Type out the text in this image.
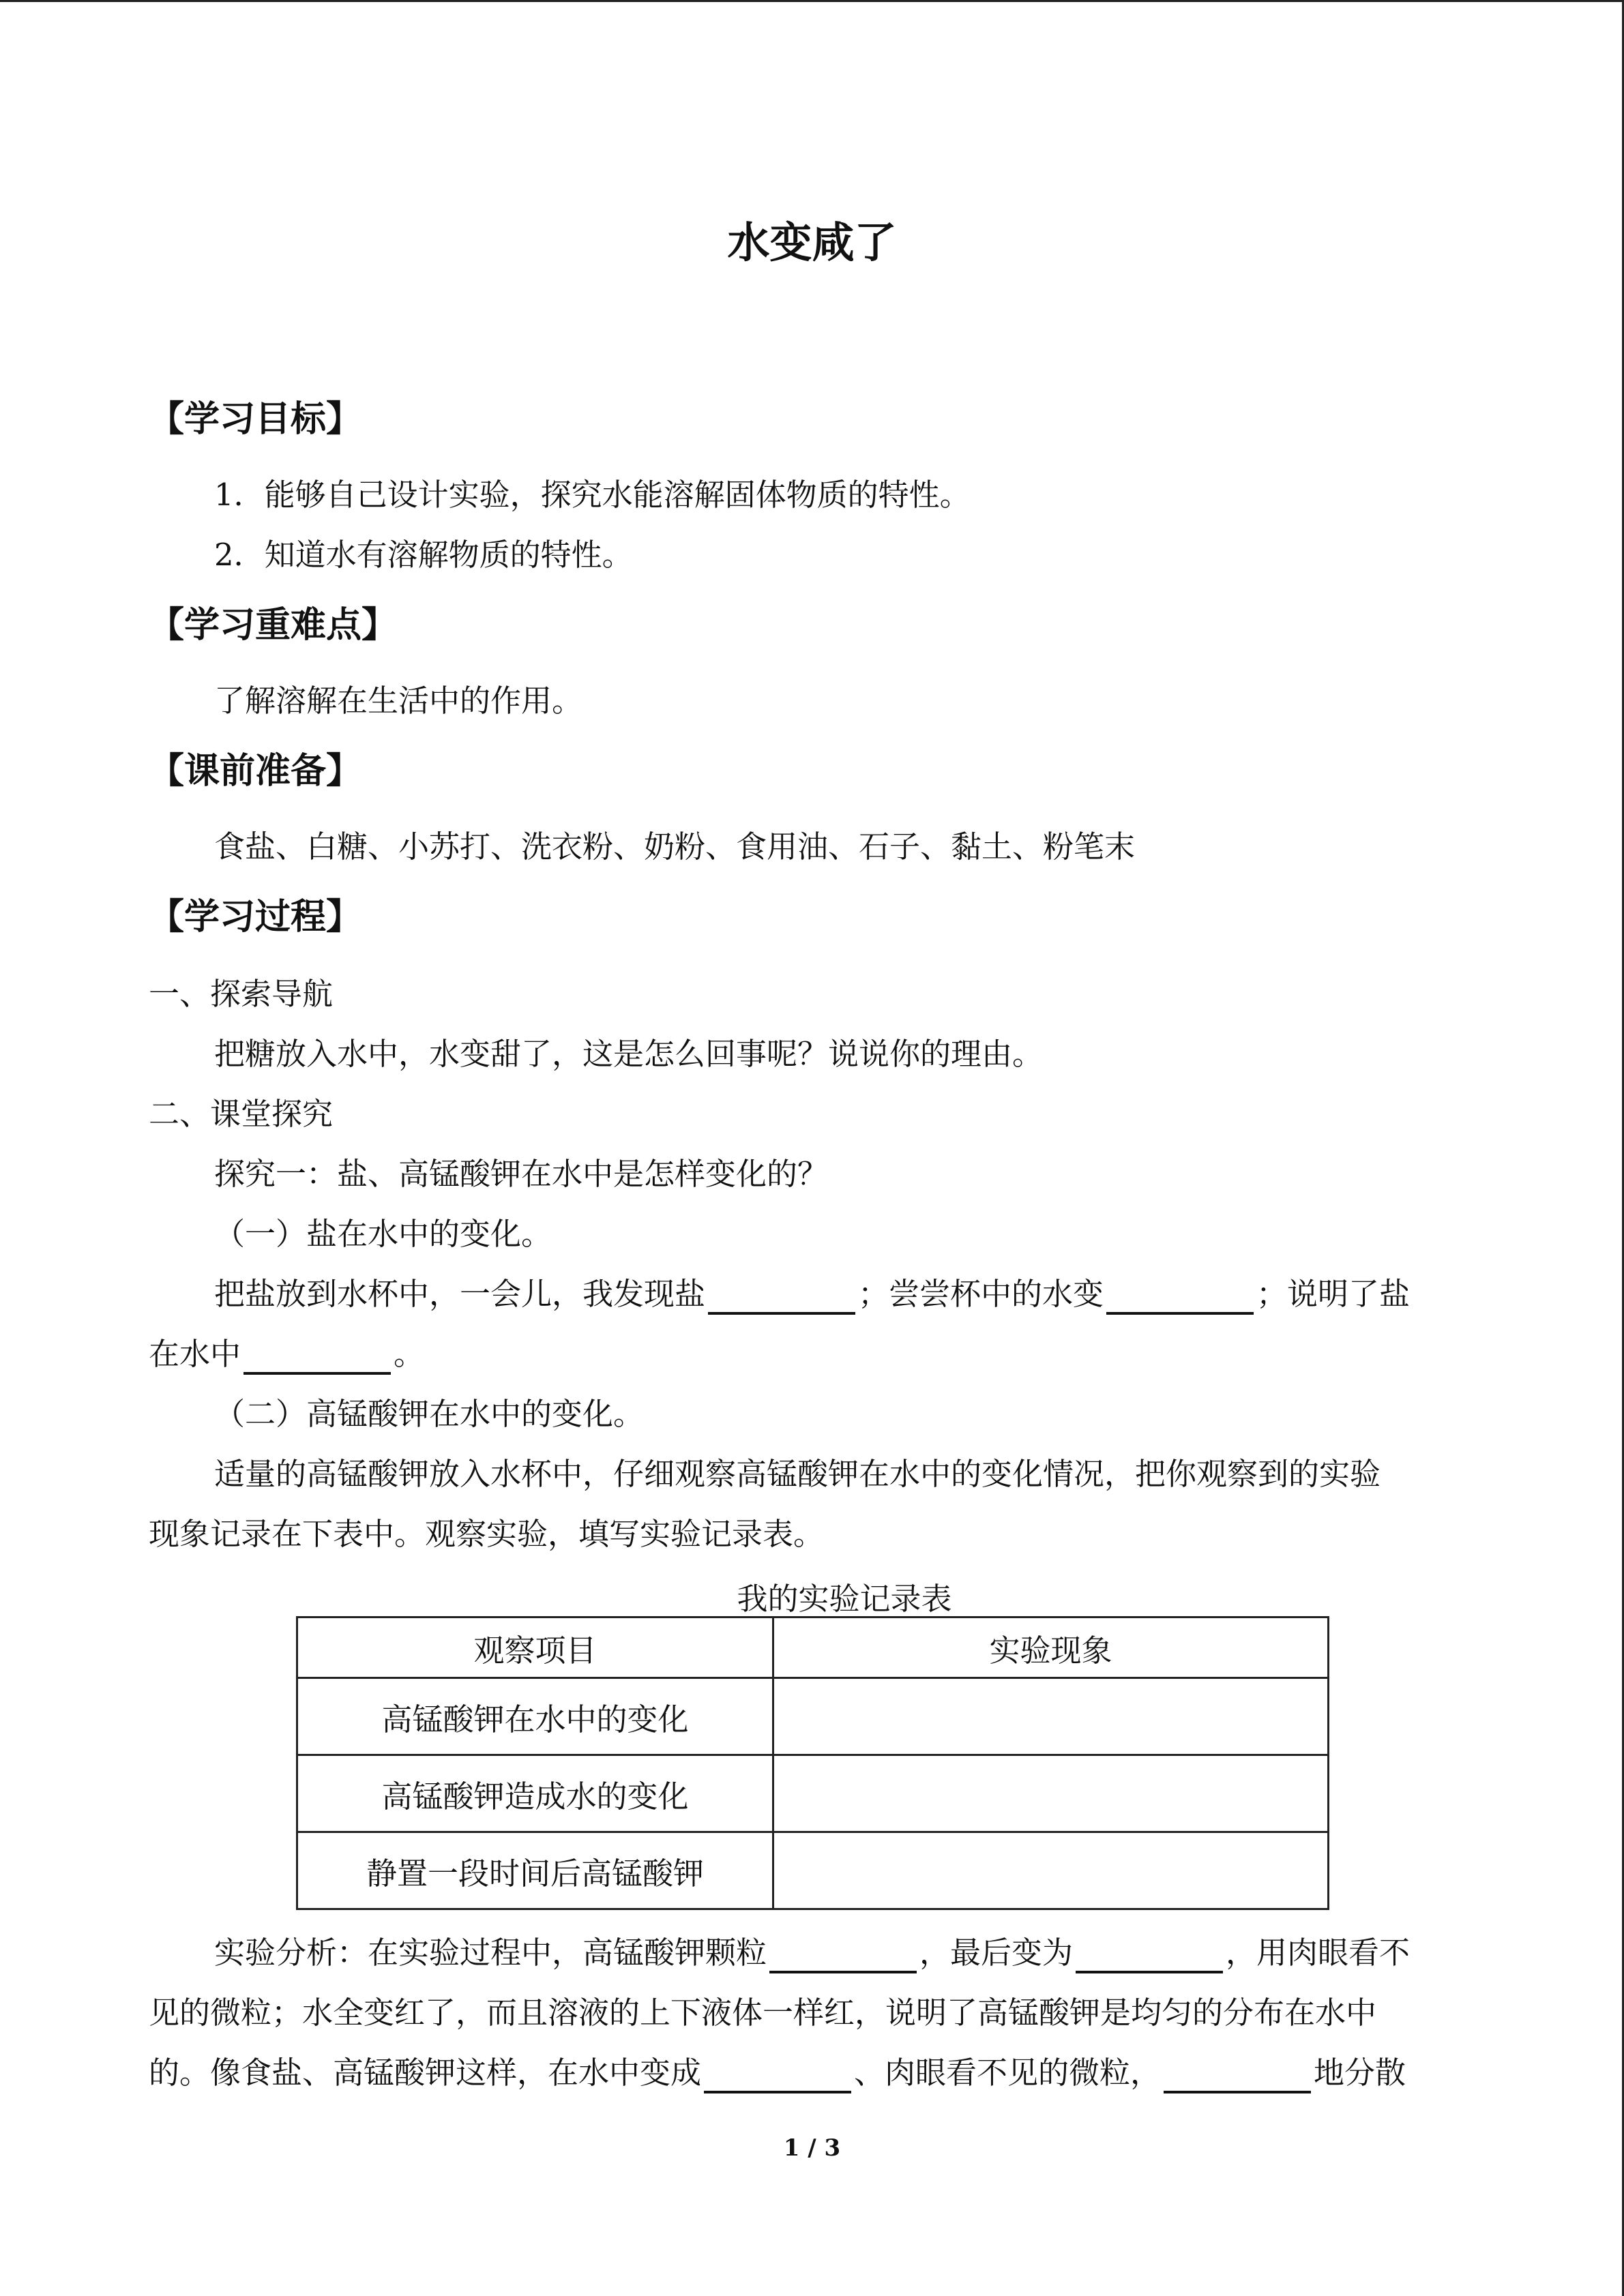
水变咸了
【学习目标】
1．能够自己设计实验，探究水能溶解固体物质的特性。
2．知道水有溶解物质的特性。
【学习重难点】
了解溶解在生活中的作用。
【课前准备】
食盐、白糖、小苏打、洗衣粉、奶粉、食用油、石子、黏土、粉笔末
【学习过程】
一、探索导航
把糖放入水中，水变甜了，这是怎么回事呢？说说你的理由。
二、课堂探究
探究一：盐、高锰酸钾在水中是怎样变化的？
（一）盐在水中的变化。
把盐放到水杯中，一会儿，我发现盐	；尝尝杯中的水变	；说明了盐
在水中	。
（二）高锰酸钾在水中的变化。
适量的高锰酸钾放入水杯中，仔细观察高锰酸钾在水中的变化情况，把你观察到的实验
现象记录在下表中。观察实验，填写实验记录表。
我的实验记录表
观察项目	实验现象
高锰酸钾在水中的变化	
高锰酸钾造成水的变化	
静置一段时间后高锰酸钾	
实验分析：在实验过程中，高锰酸钾颗粒	，最后变为	，用肉眼看不
见的微粒；水全变红了，而且溶液的上下液体一样红，说明了高锰酸钾是均匀的分布在水中
的。像食盐、高锰酸钾这样，在水中变成	、肉眼看不见的微粒，	地分散
1 / 3
